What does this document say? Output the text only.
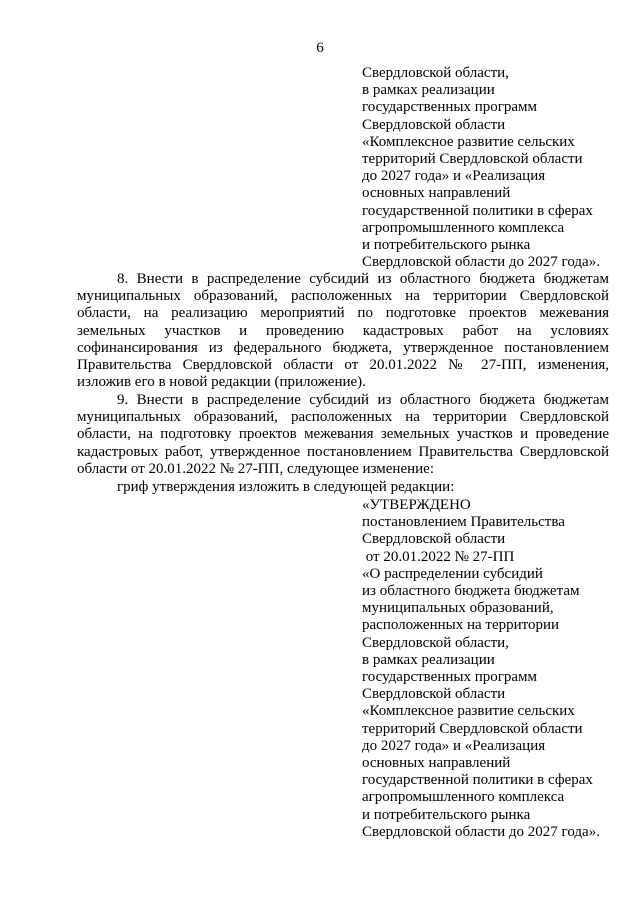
6
Свердловской области,
в рамках реализации
государственных программ
Свердловской области
«Комплексное развитие сельских
территорий Свердловской области
до 2027 года» и «Реализация
основных направлений
государственной политики в сферах
агропромышленного комплекса
и потребительского рынка
Свердловской области до 2027 года».
8. Внести в распределение субсидий из областного бюджета бюджетам
муниципальных образований, расположенных на территории Свердловской
области, на реализацию мероприятий по подготовке проектов межевания
земельных участков и проведению кадастровых работ на условиях
софинансирования из федерального бюджета, утвержденное постановлением
Правительства Свердловской области от 20.01.2022 № 27-ПП, изменения,
изложив его в новой редакции (приложение).
9. Внести в распределение субсидий из областного бюджета бюджетам
муниципальных образований, расположенных на территории Свердловской
области, на подготовку проектов межевания земельных участков и проведение
кадастровых работ, утвержденное постановлением Правительства Свердловской
области от 20.01.2022 № 27-ПП, следующее изменение:
гриф утверждения изложить в следующей редакции:
«УТВЕРЖДЕНО
постановлением Правительства
Свердловской области
от 20.01.2022 № 27-ПП
«О распределении субсидий
из областного бюджета бюджетам
муниципальных образований,
расположенных на территории
Свердловской области,
в рамках реализации
государственных программ
Свердловской области
«Комплексное развитие сельских
территорий Свердловской области
до 2027 года» и «Реализация
основных направлений
государственной политики в сферах
агропромышленного комплекса
и потребительского рынка
Свердловской области до 2027 года».
